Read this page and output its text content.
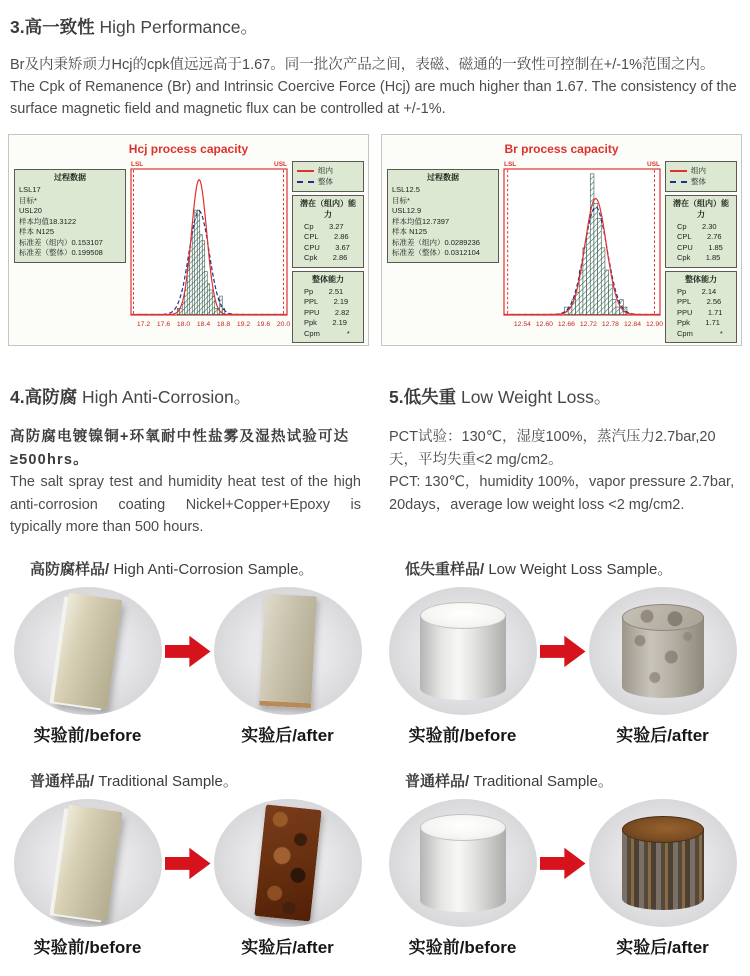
3.高一致性 High Performance。

Br及内秉矫顽力Hcj的cpk值远远高于1.67。同一批次产品之间，表磁、磁通的一致性可控制在+/-1%范围之内。
The Cpk of Remanence (Br) and Intrinsic Coercive Force (Hcj) are much higher than 1.67. The consistency of the surface magnetic field and magnetic flux can be controlled at +/-1%.

Hcj process capacity
过程数据
LSL 17
目标 *
USL 20
样本均值 18.3122
样本 N 125
标准差（组内） 0.153107
标准差（整体） 0.199508
LSL	USL
17.2 17.6 18.0 18.4 18.8 19.2 19.6 20.0
组内
整体
潜在（组内）能力
Cp	3.27
CPL	2.86
CPU	3.67
Cpk	2.86
整体能力
Pp	2.51
PPL	2.19
PPU	2.82
Ppk	2.19
Cpm	*
Br process capacity
过程数据
LSL 12.5
目标 *
USL 12.9
样本均值 12.7397
样本 N 125
标准差（组内） 0.0289236
标准差（整体） 0.0312104
LSL	USL
12.54 12.60 12.66 12.72 12.78 12.84 12.90
组内
整体
潜在（组内）能力
Cp	2.30
CPL	2.76
CPU	1.85
Cpk	1.85
整体能力
Pp	2.14
PPL	2.56
PPU	1.71
Ppk	1.71
Cpm	*
4.高防腐 High Anti-Corrosion。

高防腐电镀镍铜+环氧耐中性盐雾及湿热试验可达≥500hrs。
The salt spray test and humidity heat test of the high anti-corrosion coating Nickel+Copper+Epoxy is typically more than 500 hours.

5.低失重 Low Weight Loss。

PCT试验：130℃，湿度100%，蒸汽压力2.7bar,20天，平均失重<2 mg/cm2。
PCT: 130℃，humidity 100%，vapor pressure 2.7bar, 20days，average low weight loss <2 mg/cm2.

高防腐样品/ High Anti-Corrosion Sample。
实验前/before	实验后/after
普通样品/ Traditional Sample。
实验前/before	实验后/after
低失重样品/ Low Weight Loss Sample。
实验前/before	实验后/after
普通样品/ Traditional Sample。
实验前/before	实验后/after
